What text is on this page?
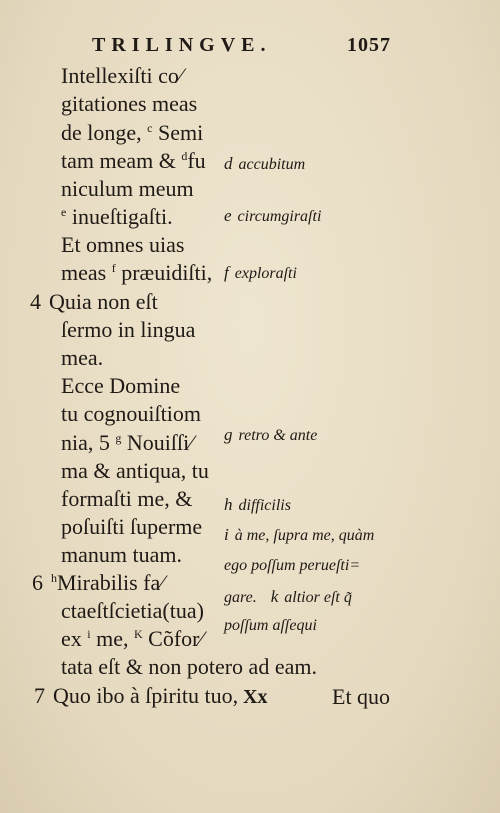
TRILINGVE.	1057
Intellexiſti co⁄
gitationes meas
de longe, $^c$ Semi
tam meam & $^d$fu
niculum meum
$^e$ inueſtigaſti.
Et omnes uias
meas $^f$ præuidiſti,
4 Quia non eſt
ſermo in lingua
mea.
Ecce Domine
tu cognouiſtiom
nia, 5 $^g$ Nouiſſi⁄
ma & antiqua, tu
formaſti me, &
poſuiſti ſuperme
manum tuam.
6 $^h$Mirabilis fa⁄
ctaeſtſcietia(tua)
ex $^i$ me, $^K$ Cõfor⁄
tata eſt & non potero ad eam.
7 Quo ibo à ſpiritu tuo,
d accubitum
e circumgiraſti
f exploraſti
g retro & ante
h difficilis
i à me, ſupra me, quàm
ego poſſum perueſti=
gare. k altior eſt q̃
poſſum aſſequi
Xx	Et quo
